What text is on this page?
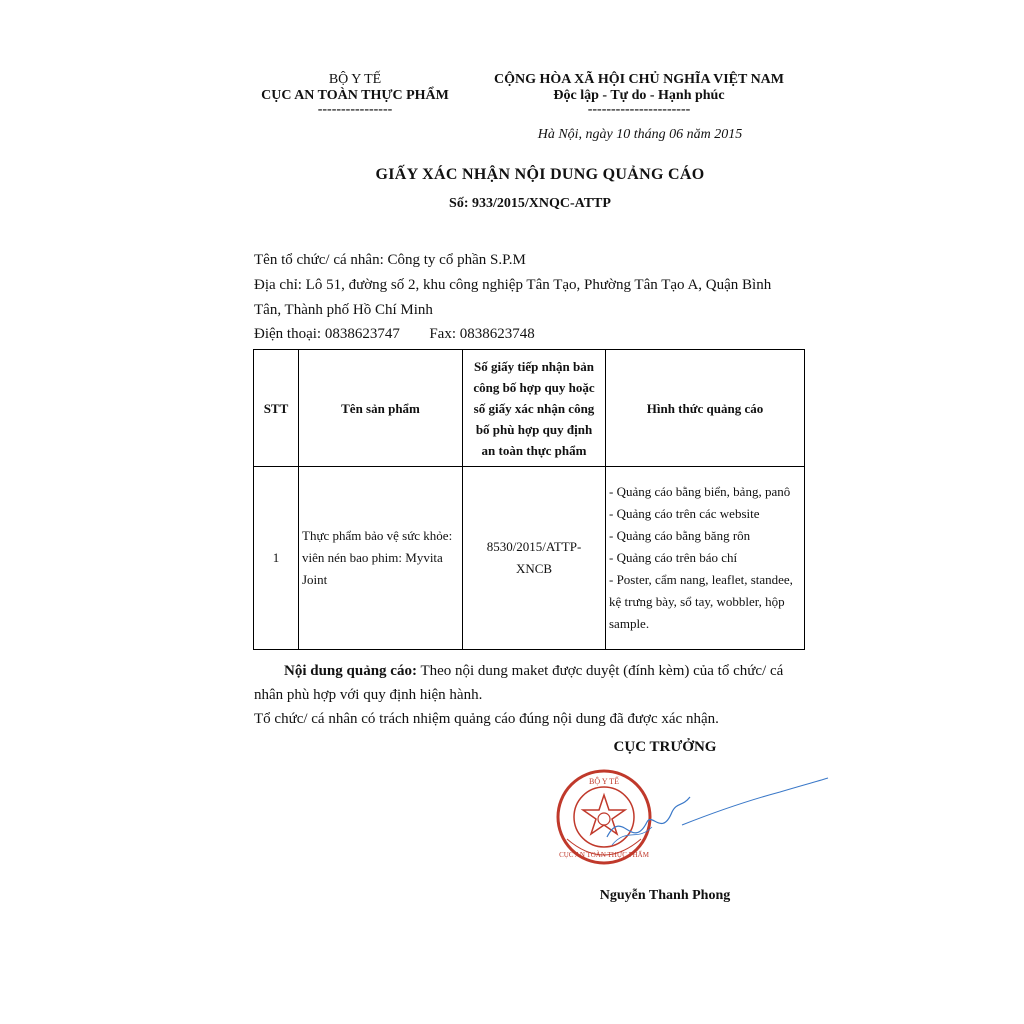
BỘ Y TẾ
CỤC AN TOÀN THỰC PHẨM
----------------
CỘNG HÒA XÃ HỘI CHỦ NGHĨA VIỆT NAM
Độc lập - Tự do - Hạnh phúc
----------------------
Hà Nội, ngày 10 tháng 06 năm 2015
GIẤY XÁC NHẬN NỘI DUNG QUẢNG CÁO
Số: 933/2015/XNQC-ATTP
Tên tổ chức/ cá nhân: Công ty cổ phần S.P.M
Địa chỉ: Lô 51, đường số 2, khu công nghiệp Tân Tạo, Phường Tân Tạo A, Quận Bình
Tân, Thành phố Hồ Chí Minh
Điện thoại: 0838623747 Fax: 0838623748
STT	Tên sản phẩm	Số giấy tiếp nhận bản công bố hợp quy hoặc số giấy xác nhận công bố phù hợp quy định an toàn thực phẩm	Hình thức quảng cáo
1	Thực phẩm bảo vệ sức khỏe: viên nén bao phim: Myvita Joint	8530/2015/ATTP-XNCB	- Quảng cáo bằng biển, bảng, panô
- Quảng cáo trên các website
- Quảng cáo bằng băng rôn
- Quảng cáo trên báo chí
- Poster, cẩm nang, leaflet, standee, kệ trưng bày, sổ tay, wobbler, hộp sample.
Nội dung quảng cáo: Theo nội dung maket được duyệt (đính kèm) của tổ chức/ cá nhân phù hợp với quy định hiện hành.
Tổ chức/ cá nhân có trách nhiệm quảng cáo đúng nội dung đã được xác nhận.
CỤC TRƯỞNG
BỘ Y TẾ
CỤC AN TOÀN THỰC PHẨM
Nguyễn Thanh Phong
